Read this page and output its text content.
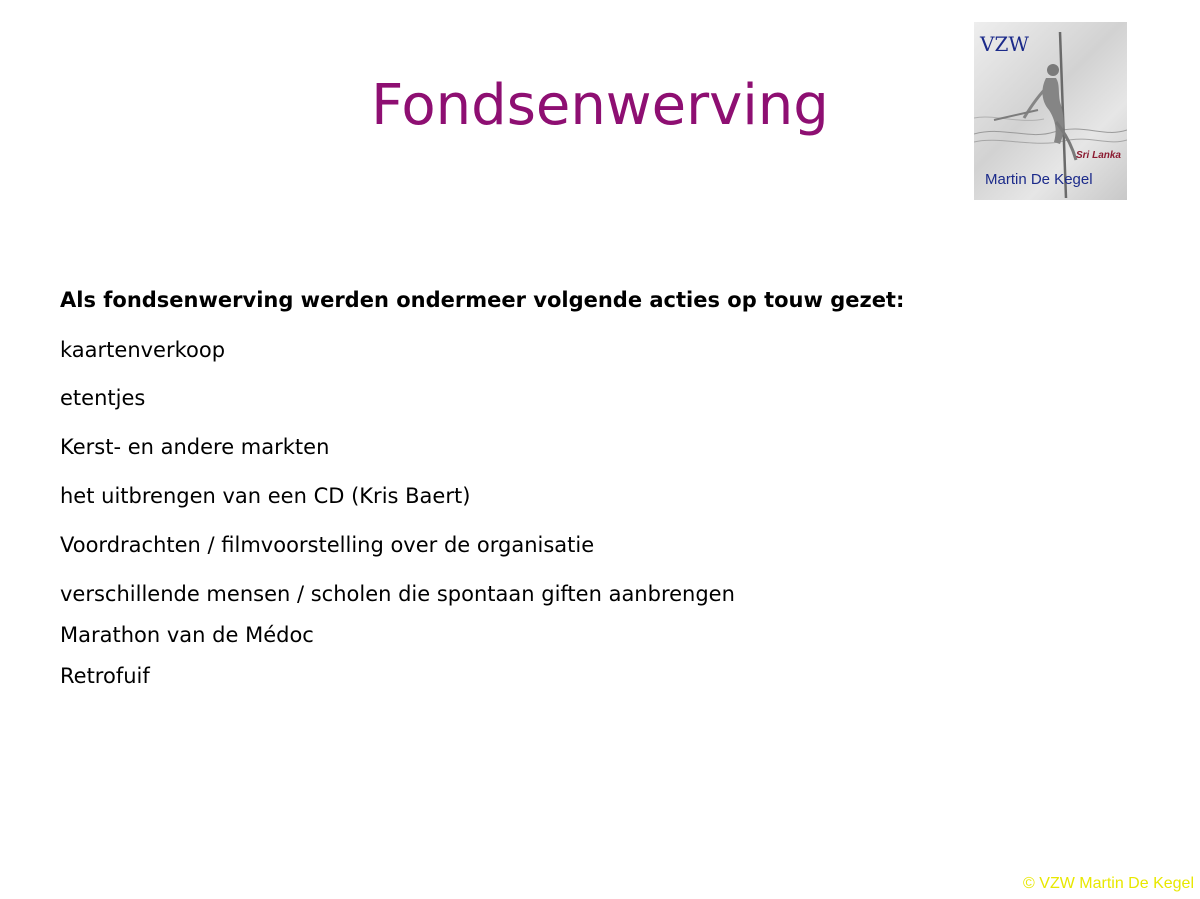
Fondsenwerving
VZW
Sri Lanka
Martin De Kegel
Als fondsenwerving werden ondermeer volgende acties op touw gezet:
kaartenverkoop
etentjes
Kerst- en andere markten
het uitbrengen van een CD (Kris Baert)
Voordrachten / filmvoorstelling over de organisatie
verschillende mensen / scholen die spontaan giften aanbrengen
Marathon van de Médoc
Retrofuif
© VZW Martin De Kegel
